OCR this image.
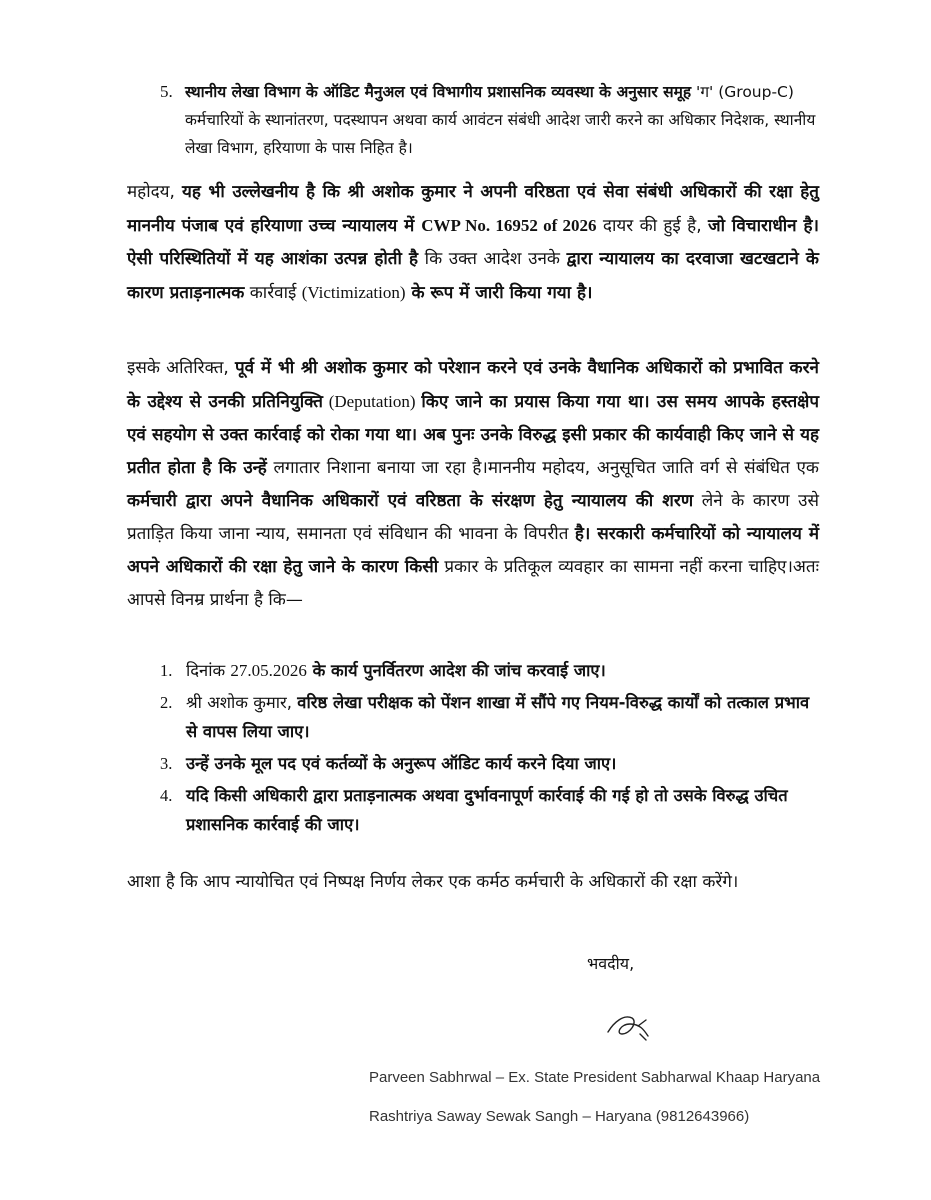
5. स्थानीय लेखा विभाग के ऑडिट मैनुअल एवं विभागीय प्रशासनिक व्यवस्था के अनुसार समूह 'ग' (Group-C) कर्मचारियों के स्थानांतरण, पदस्थापन अथवा कार्य आवंटन संबंधी आदेश जारी करने का अधिकार निदेशक, स्थानीय लेखा विभाग, हरियाणा के पास निहित है।

महोदय, यह भी उल्लेखनीय है कि श्री अशोक कुमार ने अपनी वरिष्ठता एवं सेवा संबंधी अधिकारों की रक्षा हेतु माननीय पंजाब एवं हरियाणा उच्च न्यायालय में CWP No. 16952 of 2026 दायर की हुई है, जो विचाराधीन है। ऐसी परिस्थितियों में यह आशंका उत्पन्न होती है कि उक्त आदेश उनके द्वारा न्यायालय का दरवाजा खटखटाने के कारण प्रताड़नात्मक कार्रवाई (Victimization) के रूप में जारी किया गया है।

इसके अतिरिक्त, पूर्व में भी श्री अशोक कुमार को परेशान करने एवं उनके वैधानिक अधिकारों को प्रभावित करने के उद्देश्य से उनकी प्रतिनियुक्ति (Deputation) किए जाने का प्रयास किया गया था। उस समय आपके हस्तक्षेप एवं सहयोग से उक्त कार्रवाई को रोका गया था। अब पुनः उनके विरुद्ध इसी प्रकार की कार्यवाही किए जाने से यह प्रतीत होता है कि उन्हें लगातार निशाना बनाया जा रहा है।माननीय महोदय, अनुसूचित जाति वर्ग से संबंधित एक कर्मचारी द्वारा अपने वैधानिक अधिकारों एवं वरिष्ठता के संरक्षण हेतु न्यायालय की शरण लेने के कारण उसे प्रताड़ित किया जाना न्याय, समानता एवं संविधान की भावना के विपरीत है। सरकारी कर्मचारियों को न्यायालय में अपने अधिकारों की रक्षा हेतु जाने के कारण किसी प्रकार के प्रतिकूल व्यवहार का सामना नहीं करना चाहिए।अतः आपसे विनम्र प्रार्थना है कि—

1. दिनांक 27.05.2026 के कार्य पुनर्वितरण आदेश की जांच करवाई जाए।
2. श्री अशोक कुमार, वरिष्ठ लेखा परीक्षक को पेंशन शाखा में सौंपे गए नियम-विरुद्ध कार्यों को तत्काल प्रभाव से वापस लिया जाए।
3. उन्हें उनके मूल पद एवं कर्तव्यों के अनुरूप ऑडिट कार्य करने दिया जाए।
4. यदि किसी अधिकारी द्वारा प्रताड़नात्मक अथवा दुर्भावनापूर्ण कार्रवाई की गई हो तो उसके विरुद्ध उचित प्रशासनिक कार्रवाई की जाए।

आशा है कि आप न्यायोचित एवं निष्पक्ष निर्णय लेकर एक कर्मठ कर्मचारी के अधिकारों की रक्षा करेंगे।

भवदीय,
Parveen Sabhrwal – Ex. State President Sabharwal Khaap Haryana
Rashtriya Saway Sewak Sangh – Haryana (9812643966)
